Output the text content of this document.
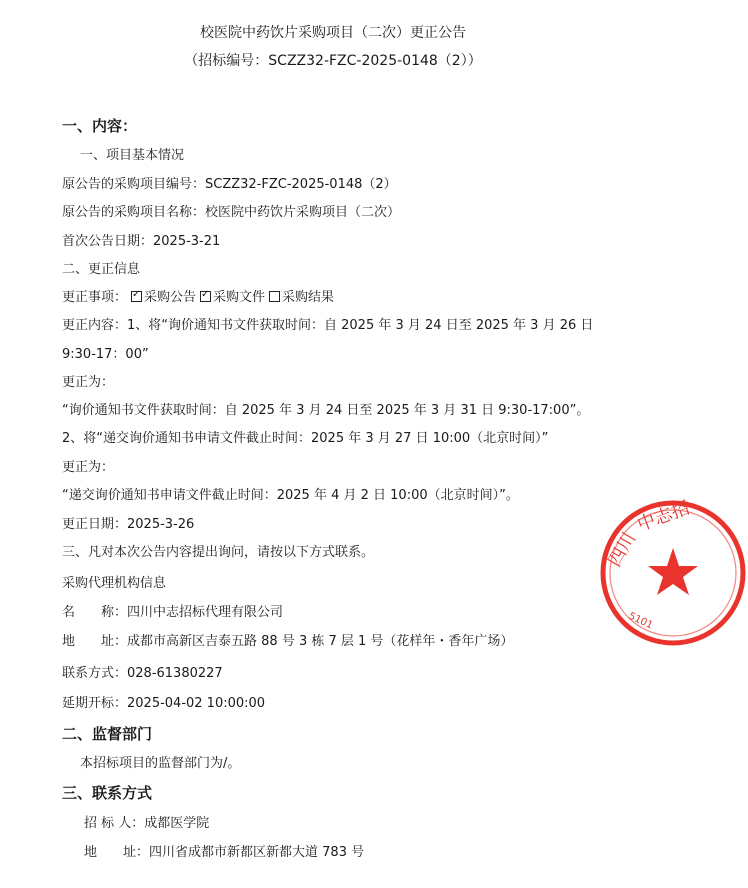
校医院中药饮片采购项目（二次）更正公告
（招标编号：SCZZ32-FZC-2025-0148（2））
一、内容：
一、项目基本情况
原公告的采购项目编号：SCZZ32-FZC-2025-0148（2）
原公告的采购项目名称：校医院中药饮片采购项目（二次）
首次公告日期：2025-3-21
二、更正信息
更正事项： ✓ 采购公告 ✓ 采购文件 采购结果
更正内容：1、将“询价通知书文件获取时间：自 2025 年 3 月 24 日至 2025 年 3 月 26 日
9:30-17：00”
更正为：
“询价通知书文件获取时间：自 2025 年 3 月 24 日至 2025 年 3 月 31 日 9:30-17:00”。
2、将“递交询价通知书申请文件截止时间：2025 年 3 月 27 日 10:00（北京时间）”
更正为：
“递交询价通知书申请文件截止时间：2025 年 4 月 2 日 10:00（北京时间）”。
更正日期：2025-3-26
三、凡对本次公告内容提出询问，请按以下方式联系。
采购代理机构信息
名　　称：四川中志招标代理有限公司
地　　址：成都市高新区吉泰五路 88 号 3 栋 7 层 1 号（花样年・香年广场）
联系方式：028-61380227
延期开标：2025-04-02 10:00:00
二、监督部门
本招标项目的监督部门为/。
三、联系方式
招 标 人：成都医学院
地　　址：四川省成都市新都区新都大道 783 号
四川
中志招
5101
